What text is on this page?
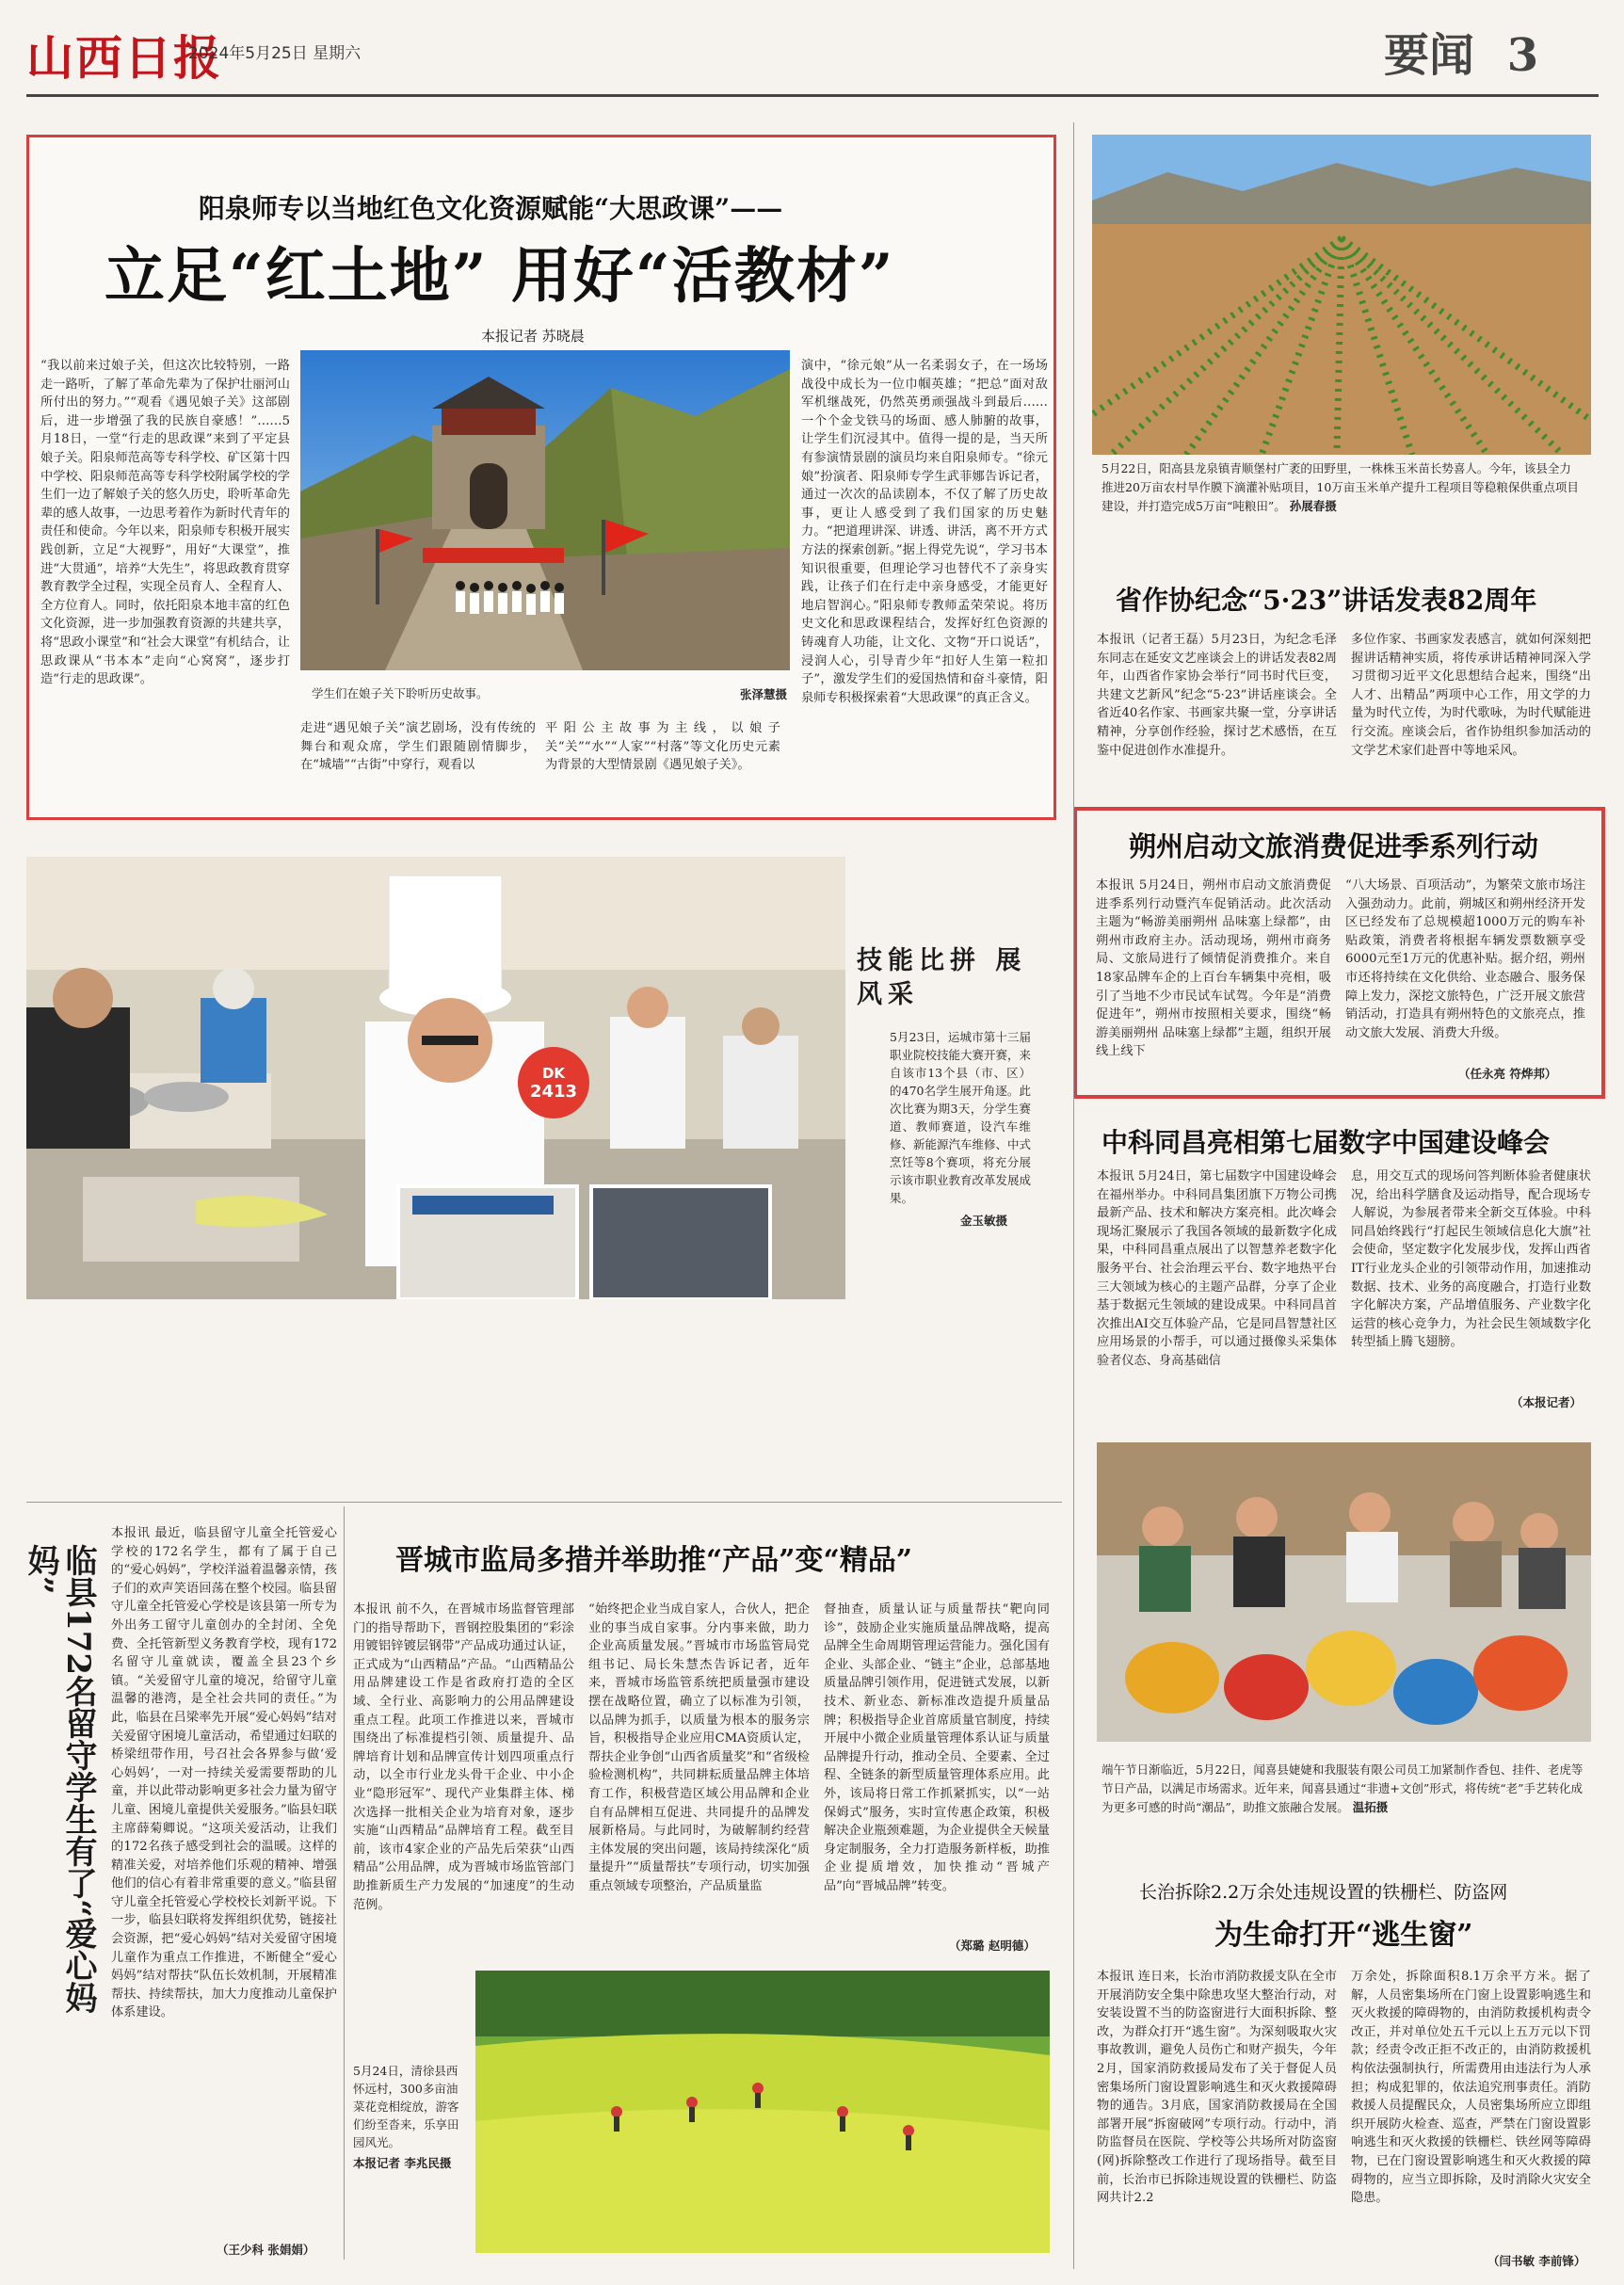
山西日报
2024年5月25日 星期六	要闻 3
阳泉师专以当地红色文化资源赋能“大思政课”——
立足“红土地” 用好“活教材”
本报记者 苏晓晨
“我以前来过娘子关，但这次比较特别，一路走一路听，了解了革命先辈为了保护壮丽河山所付出的努力。”“观看《遇见娘子关》这部剧后，进一步增强了我的民族自豪感！”……5月18日，一堂“行走的思政课”来到了平定县娘子关。阳泉师范高等专科学校、矿区第十四中学校、阳泉师范高等专科学校附属学校的学生们一边了解娘子关的悠久历史，聆听革命先辈的感人故事，一边思考着作为新时代青年的责任和使命。今年以来，阳泉师专积极开展实践创新，立足“大视野”，用好“大课堂”，推进“大贯通”，培养“大先生”，将思政教育贯穿教育教学全过程，实现全员育人、全程育人、全方位育人。同时，依托阳泉本地丰富的红色文化资源，进一步加强教育资源的共建共享，将“思政小课堂”和“社会大课堂”有机结合，让思政课从“书本本”走向“心窝窝”，逐步打造“行走的思政课”。
学生们在娘子关下聆听历史故事。	张泽慧摄
走进“遇见娘子关”演艺剧场，没有传统的舞台和观众席，学生们跟随剧情脚步，在“城墙”“古街”中穿行，观看以
平阳公主故事为主线，以娘子关“关”“水”“人家”“村落”等文化历史元素为背景的大型情景剧《遇见娘子关》。
演中，“徐元娘”从一名柔弱女子，在一场场战役中成长为一位巾帼英雄；“把总”面对敌军机继战死，仍然英勇顽强战斗到最后……一个个金戈铁马的场面、感人肺腑的故事，让学生们沉浸其中。值得一提的是，当天所有参演情景剧的演员均来自阳泉师专。“徐元娘”扮演者、阳泉师专学生武菲娜告诉记者，通过一次次的品读剧本，不仅了解了历史故事，更让人感受到了我们国家的历史魅力。“把道理讲深、讲透、讲活，离不开方式方法的探索创新。”据上得党先说“，学习书本知识很重要，但理论学习也替代不了亲身实践，让孩子们在行走中亲身感受，才能更好地启智润心。”阳泉师专教师孟荣荣说。将历史文化和思政课程结合，发挥好红色资源的铸魂育人功能，让文化、文物“开口说话”，浸润人心，引导青少年“扣好人生第一粒扣子”，激发学生们的爱国热情和奋斗豪情，阳泉师专积极探索着“大思政课”的真正含义。
5月22日，阳高县龙泉镇青顺堡村广袤的田野里，一株株玉米苗长势喜人。今年，该县全力推进20万亩农村旱作膜下滴灌补贴项目，10万亩玉米单产提升工程项目等稳粮保供重点项目建设，并打造完成5万亩“吨粮田”。 孙展春摄
省作协纪念“5·23”讲话发表82周年
本报讯（记者王磊）5月23日，为纪念毛泽东同志在延安文艺座谈会上的讲话发表82周年，山西省作家协会举行“同书时代巨变，共建文艺新风”纪念“5·23”讲话座谈会。全省近40名作家、书画家共聚一堂，分享讲话精神，分享创作经验，探讨艺术感悟，在互鉴中促进创作水准提升。
多位作家、书画家发表感言，就如何深刻把握讲话精神实质，将传承讲话精神同深入学习贯彻习近平文化思想结合起来，围绕“出人才、出精品”两项中心工作，用文学的力量为时代立传，为时代歌咏，为时代赋能进行交流。座谈会后，省作协组织参加活动的文学艺术家们赴晋中等地采风。
朔州启动文旅消费促进季系列行动
本报讯 5月24日，朔州市启动文旅消费促进季系列行动暨汽车促销活动。此次活动主题为“畅游美丽朔州 品味塞上绿都”，由朔州市政府主办。活动现场，朔州市商务局、文旅局进行了倾情促消费推介。来自18家品牌车企的上百台车辆集中亮相，吸引了当地不少市民试车试驾。今年是“消费促进年”，朔州市按照相关要求，围绕“畅游美丽朔州 品味塞上绿都”主题，组织开展线上线下
“八大场景、百项活动”，为繁荣文旅市场注入强劲动力。此前，朔城区和朔州经济开发区已经发布了总规模超1000万元的购车补贴政策，消费者将根据车辆发票数额享受6000元至1万元的优惠补贴。据介绍，朔州市还将持续在文化供给、业态融合、服务保障上发力，深挖文旅特色，广泛开展文旅营销活动，打造具有朔州特色的文旅亮点，推动文旅大发展、消费大升级。
（任永亮 符烨邦）
中科同昌亮相第七届数字中国建设峰会
本报讯 5月24日，第七届数字中国建设峰会在福州举办。中科同昌集团旗下万物公司携最新产品、技术和解决方案亮相。此次峰会现场汇聚展示了我国各领域的最新数字化成果，中科同昌重点展出了以智慧养老数字化服务平台、社会治理云平台、数字地热平台三大领域为核心的主题产品群，分享了企业基于数据元生领域的建设成果。中科同昌首次推出AI交互体验产品，它是同昌智慧社区应用场景的小帮手，可以通过摄像头采集体验者仪态、身高基础信
息，用交互式的现场问答判断体验者健康状况，给出科学膳食及运动指导，配合现场专人解说，为参展者带来全新交互体验。中科同昌始终践行“打起民生领域信息化大旗”社会使命，坚定数字化发展步伐，发挥山西省IT行业龙头企业的引领带动作用，加速推动数据、技术、业务的高度融合，打造行业数字化解决方案，产品增值服务、产业数字化运营的核心竞争力，为社会民生领域数字化转型插上腾飞翅膀。
（本报记者）
DK
2413
技能比拼 展风采
5月23日，运城市第十三届职业院校技能大赛开赛，来自该市13个县（市、区）的470名学生展开角逐。此次比赛为期3天，分学生赛道、教师赛道，设汽车维修、新能源汽车维修、中式烹饪等8个赛项，将充分展示该市职业教育改革发展成果。
金玉敏摄
临县172名留守学生有了“爱心妈妈”
本报讯 最近，临县留守儿童全托管爱心学校的172名学生，都有了属于自己的“爱心妈妈”，学校洋溢着温馨亲情，孩子们的欢声笑语回荡在整个校园。临县留守儿童全托管爱心学校是该县第一所专为外出务工留守儿童创办的全封闭、全免费、全托管新型义务教育学校，现有172名留守儿童就读，覆盖全县23个乡镇。“关爱留守儿童的境况，给留守儿童温馨的港湾，是全社会共同的责任。”为此，临县在吕梁率先开展“爱心妈妈”结对关爱留守困境儿童活动，希望通过妇联的桥梁纽带作用，号召社会各界参与做‘爱心妈妈’，一对一持续关爱需要帮助的儿童，并以此带动影响更多社会力量为留守儿童、困境儿童提供关爱服务。”临县妇联主席薛菊卿说。“这项关爱活动，让我们的172名孩子感受到社会的温暖。这样的精准关爱，对培养他们乐观的精神、增强他们的信心有着非常重要的意义。”临县留守儿童全托管爱心学校校长刘新平说。下一步，临县妇联将发挥组织优势，链接社会资源，把“爱心妈妈”结对关爱留守困境儿童作为重点工作推进，不断健全“爱心妈妈”结对帮扶“队伍长效机制，开展精准帮扶、持续帮扶，加大力度推动儿童保护体系建设。
（王少科 张娟娟）
晋城市监局多措并举助推“产品”变“精品”
本报讯 前不久，在晋城市场监督管理部门的指导帮助下，晋钢控股集团的“彩涂用镀铝锌镀层钢带”产品成功通过认证，正式成为“山西精品”产品。“山西精品公用品牌建设工作是省政府打造的全区域、全行业、高影响力的公用品牌建设重点工程。此项工作推进以来，晋城市围绕出了标准提档引领、质量提升、品牌培育计划和品牌宣传计划四项重点行动，以全市行业龙头骨干企业、中小企业“隐形冠军”、现代产业集群主体、梯次选择一批相关企业为培育对象，逐步实施“山西精品”品牌培育工程。截至目前，该市4家企业的产品先后荣获“山西精品”公用品牌，成为晋城市场监管部门助推新质生产力发展的“加速度”的生动范例。
“始终把企业当成自家人，合伙人，把企业的事当成自家事。分内事来做，助力企业高质量发展。”晋城市市场监管局党组书记、局长朱慧杰告诉记者，近年来，晋城市场监管系统把质量强市建设摆在战略位置，确立了以标准为引领，以品牌为抓手，以质量为根本的服务宗旨，积极指导企业应用CMA资质认定，帮扶企业争创“山西省质量奖”和“省级检验检测机构”，共同耕耘质量品牌主体培育工作，积极营造区域公用品牌和企业自有品牌相互促进、共同提升的品牌发展新格局。与此同时，为破解制约经营主体发展的突出问题，该局持续深化“质量提升”“质量帮扶”专项行动，切实加强重点领域专项整治，产品质量监
督抽查，质量认证与质量帮扶“靶向同诊”，鼓励企业实施质量品牌战略，提高品牌全生命周期管理运营能力。强化国有企业、头部企业、“链主”企业，总部基地质量品牌引领作用，促进链式发展，以新技术、新业态、新标准改造提升质量品牌；积极指导企业首席质量官制度，持续开展中小微企业质量管理体系认证与质量品牌提升行动，推动全员、全要素、全过程、全链条的新型质量管理体系应用。此外，该局将日常工作抓紧抓实，以“一站保姆式”服务，实时宣传惠企政策，积极解决企业瓶颈难题，为企业提供全天候量身定制服务，全力打造服务新样板，助推企业提质增效，加快推动“晋城产品”向“晋城品牌”转变。
（郑璐 赵明德）
5月24日，清徐县西怀远村，300多亩油菜花竞相绽放，游客们纷至沓来，乐享田园风光。
本报记者 李兆民摄
端午节日渐临近，5月22日，闻喜县婕婕和我服装有限公司员工加紧制作香包、挂件、老虎等节日产品，以满足市场需求。近年来，闻喜县通过“非遗+文创”形式，将传统“老”手艺转化成为更多可感的时尚“潮品”，助推文旅融合发展。 温拓摄
长治拆除2.2万余处违规设置的铁栅栏、防盗网
为生命打开“逃生窗”
本报讯 连日来，长治市消防救援支队在全市开展消防安全集中除患攻坚大整治行动，对安装设置不当的防盗窗进行大面积拆除、整改，为群众打开“逃生窗”。为深刻吸取火灾事故教训，避免人员伤亡和财产损失，今年2月，国家消防救援局发布了关于督促人员密集场所门窗设置影响逃生和灭火救援障碍物的通告。3月底，国家消防救援局在全国部署开展“拆窗破网”专项行动。行动中，消防监督员在医院、学校等公共场所对防盗窗(网)拆除整改工作进行了现场指导。截至目前，长治市已拆除违规设置的铁栅栏、防盗网共计2.2
万余处，拆除面积8.1万余平方米。据了解，人员密集场所在门窗上设置影响逃生和灭火救援的障碍物的，由消防救援机构责令改正，并对单位处五千元以上五万元以下罚款；经责令改正拒不改正的，由消防救援机构依法强制执行，所需费用由违法行为人承担；构成犯罪的，依法追究刑事责任。消防救援人员提醒民众，人员密集场所应立即组织开展防火检查、巡查，严禁在门窗设置影响逃生和灭火救援的铁栅栏、铁丝网等障碍物，已在门窗设置影响逃生和灭火救援的障碍物的，应当立即拆除，及时消除火灾安全隐患。
（闫书敏 李前锋）
